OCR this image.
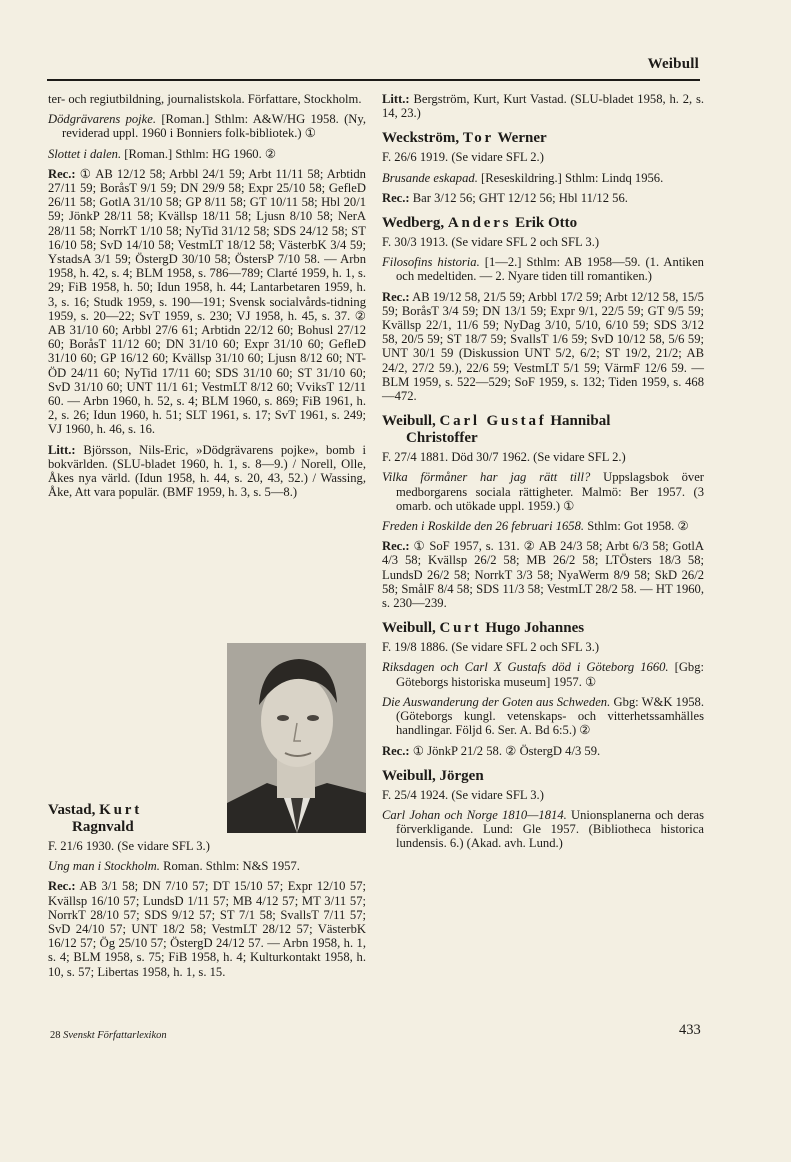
Weibull

ter- och regiutbildning, journalistskola. Författare, Stockholm.

Dödgrävarens pojke. [Roman.] Sthlm: A&W/HG 1958. (Ny, reviderad uppl. 1960 i Bonniers folk-bibliotek.) ①

Slottet i dalen. [Roman.] Sthlm: HG 1960. ②

Rec.: ① AB 12/12 58; Arbbl 24/1 59; Arbt 11/11 58; Arbtidn 27/11 59; BoråsT 9/1 59; DN 29/9 58; Expr 25/10 58; GefleD 26/11 58; GotlA 31/10 58; GP 8/11 58; GT 10/11 58; Hbl 20/1 59; JönkP 28/11 58; Kvällsp 18/11 58; Ljusn 8/10 58; NerA 28/11 58; NorrkT 1/10 58; NyTid 31/12 58; SDS 24/12 58; ST 16/10 58; SvD 14/10 58; VestmLT 18/12 58; VästerbK 3/4 59; YstadsA 3/1 59; ÖstergD 30/10 58; ÖstersP 7/10 58. — Arbn 1958, h. 42, s. 4; BLM 1958, s. 786—789; Clarté 1959, h. 1, s. 29; FiB 1958, h. 50; Idun 1958, h. 44; Lantarbetaren 1959, h. 3, s. 16; Studk 1959, s. 190—191; Svensk socialvårds-tidning 1959, s. 20—22; SvT 1959, s. 230; VJ 1958, h. 45, s. 37. ② AB 31/10 60; Arbbl 27/6 61; Arbtidn 22/12 60; Bohusl 27/12 60; BoråsT 11/12 60; DN 31/10 60; Expr 31/10 60; GefleD 31/10 60; GP 16/12 60; Kvällsp 31/10 60; Ljusn 8/12 60; NT-ÖD 24/11 60; NyTid 17/11 60; SDS 31/10 60; ST 31/10 60; SvD 31/10 60; UNT 11/1 61; VestmLT 8/12 60; VviksT 12/11 60. — Arbn 1960, h. 52, s. 4; BLM 1960, s. 869; FiB 1961, h. 2, s. 26; Idun 1960, h. 51; SLT 1961, s. 17; SvT 1961, s. 249; VJ 1960, h. 46, s. 16.

Litt.: Björsson, Nils-Eric, »Dödgrävarens pojke», bomb i bokvärlden. (SLU-bladet 1960, h. 1, s. 8—9.) / Norell, Olle, Åkes nya värld. (Idun 1958, h. 44, s. 20, 43, 52.) / Wassing, Åke, Att vara populär. (BMF 1959, h. 3, s. 5—8.)

Vastad, Kurt
Ragnvald

F. 21/6 1930. (Se vidare SFL 3.)

Ung man i Stockholm. Roman. Sthlm: N&S 1957.

Rec.: AB 3/1 58; DN 7/10 57; DT 15/10 57; Expr 12/10 57; Kvällsp 16/10 57; LundsD 1/11 57; MB 4/12 57; MT 3/11 57; NorrkT 28/10 57; SDS 9/12 57; ST 7/1 58; SvallsT 7/11 57; SvD 24/10 57; UNT 18/2 58; VestmLT 28/12 57; VästerbK 16/12 57; Ög 25/10 57; ÖstergD 24/12 57. — Arbn 1958, h. 1, s. 4; BLM 1958, s. 75; FiB 1958, h. 4; Kulturkontakt 1958, h. 10, s. 57; Libertas 1958, h. 1, s. 15.

Litt.: Bergström, Kurt, Kurt Vastad. (SLU-bladet 1958, h. 2, s. 14, 23.)

Weckström, Tor Werner

F. 26/6 1919. (Se vidare SFL 2.)

Brusande eskapad. [Reseskildring.] Sthlm: Lindq 1956.

Rec.: Bar 3/12 56; GHT 12/12 56; Hbl 11/12 56.

Wedberg, Anders Erik Otto

F. 30/3 1913. (Se vidare SFL 2 och SFL 3.)

Filosofins historia. [1—2.] Sthlm: AB 1958—59. (1. Antiken och medeltiden. — 2. Nyare tiden till romantiken.)

Rec.: AB 19/12 58, 21/5 59; Arbbl 17/2 59; Arbt 12/12 58, 15/5 59; BoråsT 3/4 59; DN 13/1 59; Expr 9/1, 22/5 59; GT 9/5 59; Kvällsp 22/1, 11/6 59; NyDag 3/10, 5/10, 6/10 59; SDS 3/12 58, 20/5 59; ST 18/7 59; SvallsT 1/6 59; SvD 10/12 58, 5/6 59; UNT 30/1 59 (Diskussion UNT 5/2, 6/2; ST 19/2, 21/2; AB 24/2, 27/2 59.), 22/6 59; VestmLT 5/1 59; VärmF 12/6 59. — BLM 1959, s. 522—529; SoF 1959, s. 132; Tiden 1959, s. 468—472.

Weibull, Carl Gustaf Hannibal
Christoffer

F. 27/4 1881. Död 30/7 1962. (Se vidare SFL 2.)

Vilka förmåner har jag rätt till? Uppslagsbok över medborgarens sociala rättigheter. Malmö: Ber 1957. (3 omarb. och utökade uppl. 1959.) ①

Freden i Roskilde den 26 februari 1658. Sthlm: Got 1958. ②

Rec.: ① SoF 1957, s. 131. ② AB 24/3 58; Arbt 6/3 58; GotlA 4/3 58; Kvällsp 26/2 58; MB 26/2 58; LTÖsters 18/3 58; LundsD 26/2 58; NorrkT 3/3 58; NyaWerm 8/9 58; SkD 26/2 58; SmålF 8/4 58; SDS 11/3 58; VestmLT 28/2 58. — HT 1960, s. 230—239.

Weibull, Curt Hugo Johannes

F. 19/8 1886. (Se vidare SFL 2 och SFL 3.)

Riksdagen och Carl X Gustafs död i Göteborg 1660. [Gbg: Göteborgs historiska museum] 1957. ①

Die Auswanderung der Goten aus Schweden. Gbg: W&K 1958. (Göteborgs kungl. vetenskaps- och vitterhetssamhälles handlingar. Följd 6. Ser. A. Bd 6:5.) ②

Rec.: ① JönkP 21/2 58. ② ÖstergD 4/3 59.

Weibull, Jörgen

F. 25/4 1924. (Se vidare SFL 3.)

Carl Johan och Norge 1810—1814. Unionsplanerna och deras förverkligande. Lund: Gle 1957. (Bibliotheca historica lundensis. 6.) (Akad. avh. Lund.)

28 Svenskt Författarlexikon	433
